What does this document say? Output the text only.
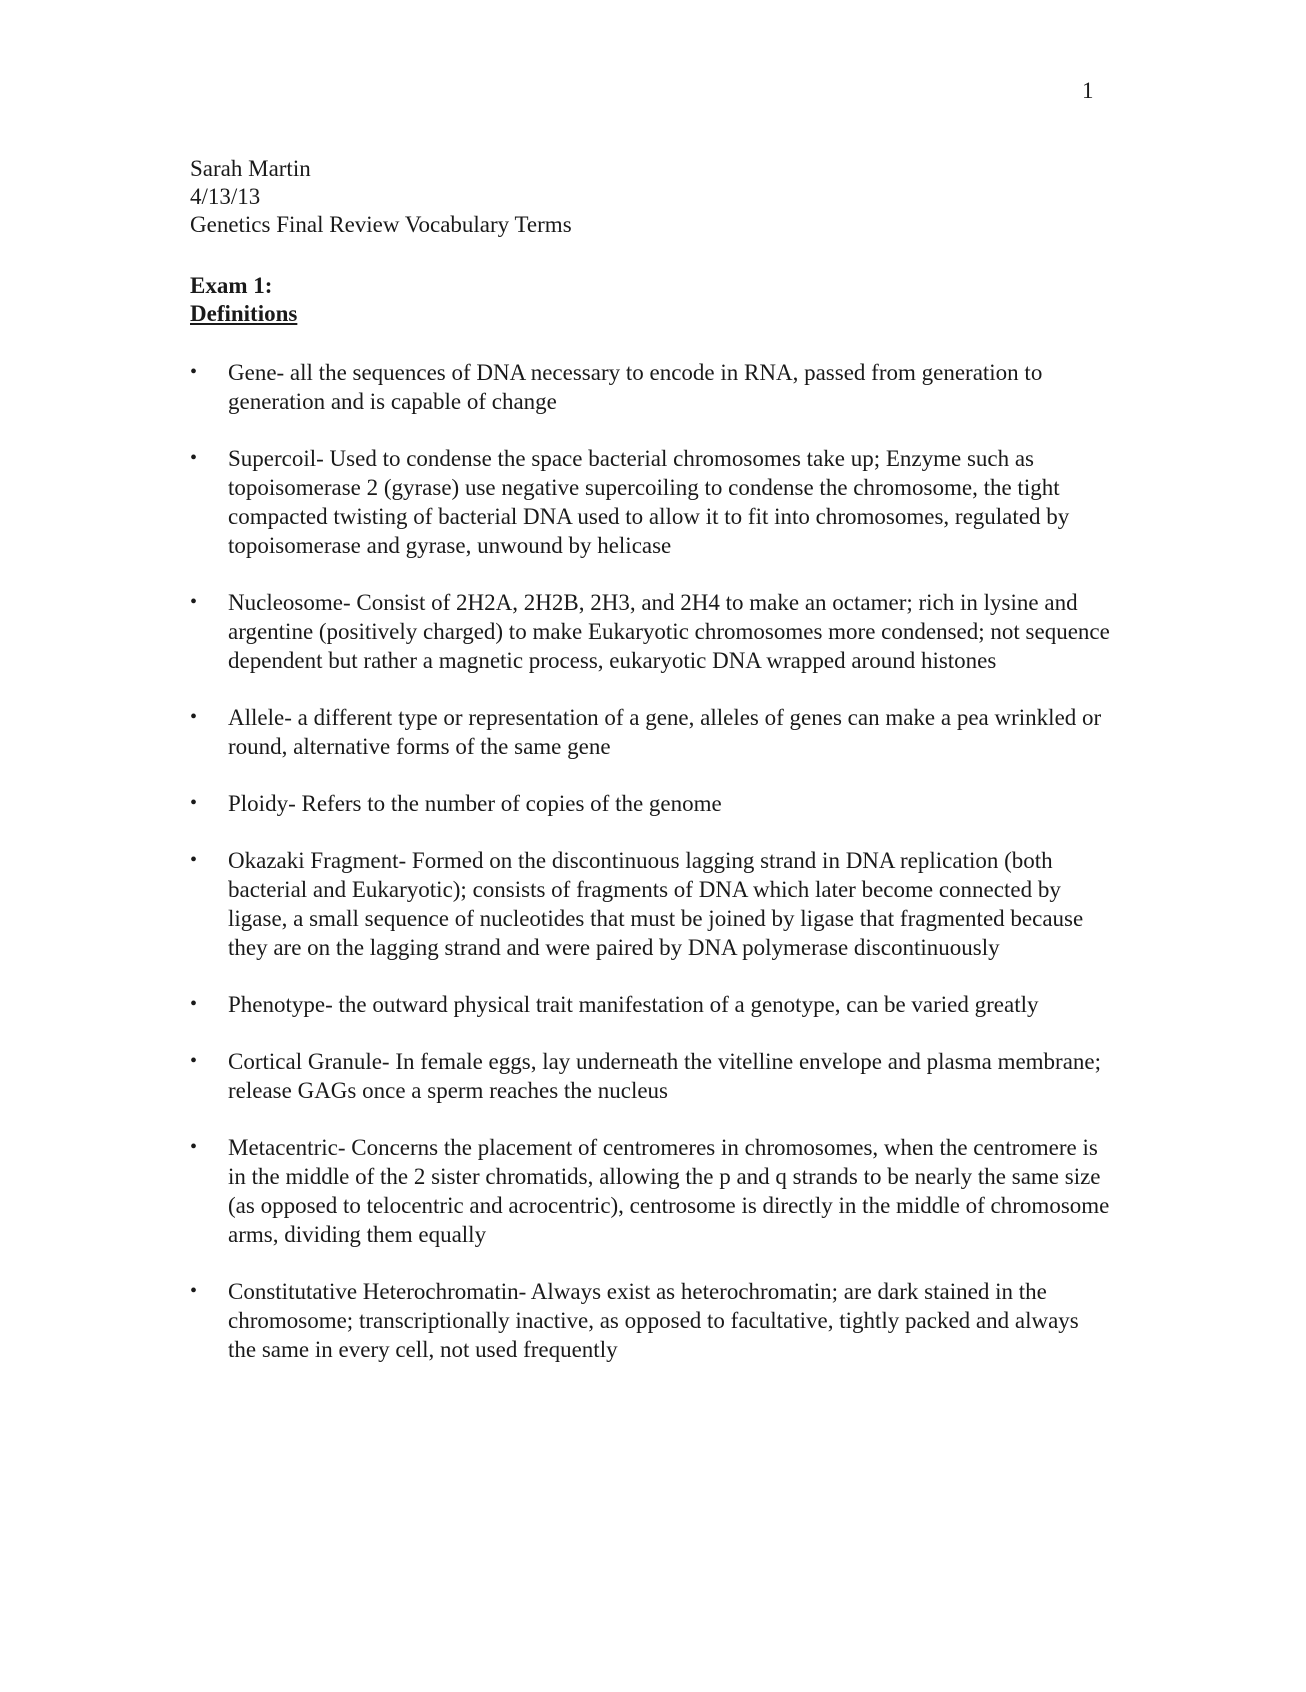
1
Sarah Martin
4/13/13
Genetics Final Review Vocabulary Terms
Exam 1:
Definitions
•	Gene- all the sequences of DNA necessary to encode in RNA, passed from generation to generation and is capable of change
•	Supercoil- Used to condense the space bacterial chromosomes take up; Enzyme such as topoisomerase 2 (gyrase) use negative supercoiling to condense the chromosome, the tight compacted twisting of bacterial DNA used to allow it to fit into chromosomes, regulated by topoisomerase and gyrase, unwound by helicase
•	Nucleosome- Consist of 2H2A, 2H2B, 2H3, and 2H4 to make an octamer; rich in lysine and argentine (positively charged) to make Eukaryotic chromosomes more condensed; not sequence dependent but rather a magnetic process, eukaryotic DNA wrapped around histones
•	Allele- a different type or representation of a gene, alleles of genes can make a pea wrinkled or round, alternative forms of the same gene
•	Ploidy- Refers to the number of copies of the genome
•	Okazaki Fragment- Formed on the discontinuous lagging strand in DNA replication (both bacterial and Eukaryotic); consists of fragments of DNA which later become connected by ligase, a small sequence of nucleotides that must be joined by ligase that fragmented because they are on the lagging strand and were paired by DNA polymerase discontinuously
•	Phenotype- the outward physical trait manifestation of a genotype, can be varied greatly
•	Cortical Granule- In female eggs, lay underneath the vitelline envelope and plasma membrane; release GAGs once a sperm reaches the nucleus
•	Metacentric- Concerns the placement of centromeres in chromosomes, when the centromere is in the middle of the 2 sister chromatids, allowing the p and q strands to be nearly the same size (as opposed to telocentric and acrocentric), centrosome is directly in the middle of chromosome arms, dividing them equally
•	Constitutative Heterochromatin- Always exist as heterochromatin; are dark stained in the chromosome; transcriptionally inactive, as opposed to facultative, tightly packed and always the same in every cell, not used frequently
